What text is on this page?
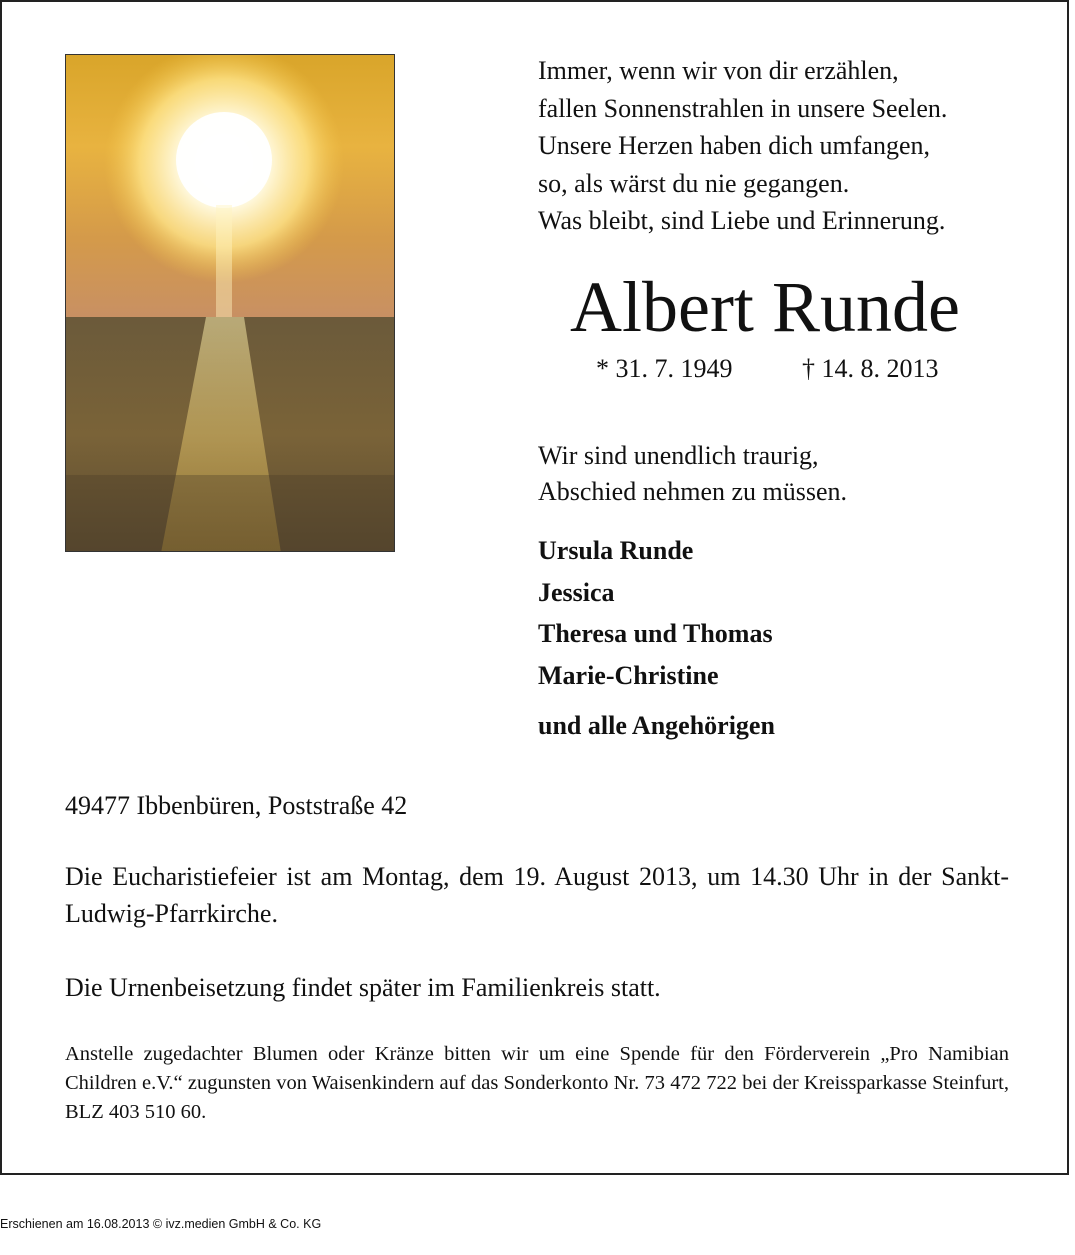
Immer, wenn wir von dir erzählen,
fallen Sonnenstrahlen in unsere Seelen.
Unsere Herzen haben dich umfangen,
so, als wärst du nie gegangen.
Was bleibt, sind Liebe und Erinnerung.
Albert Runde
* 31. 7. 1949	† 14. 8. 2013
Wir sind unendlich traurig,
Abschied nehmen zu müssen.
Ursula Runde
Jessica
Theresa und Thomas
Marie-Christine
und alle Angehörigen
49477 Ibbenbüren, Poststraße 42
Die Eucharistiefeier ist am Montag, dem 19. August 2013, um 14.30 Uhr in der Sankt-Ludwig-Pfarrkirche.
Die Urnenbeisetzung findet später im Familienkreis statt.
Anstelle zugedachter Blumen oder Kränze bitten wir um eine Spende für den Förderverein „Pro Namibian Children e.V.“ zugunsten von Waisenkindern auf das Sonderkonto Nr. 73 472 722 bei der Kreissparkasse Steinfurt, BLZ 403 510 60.
Erschienen am 16.08.2013 © ivz.medien GmbH & Co. KG
